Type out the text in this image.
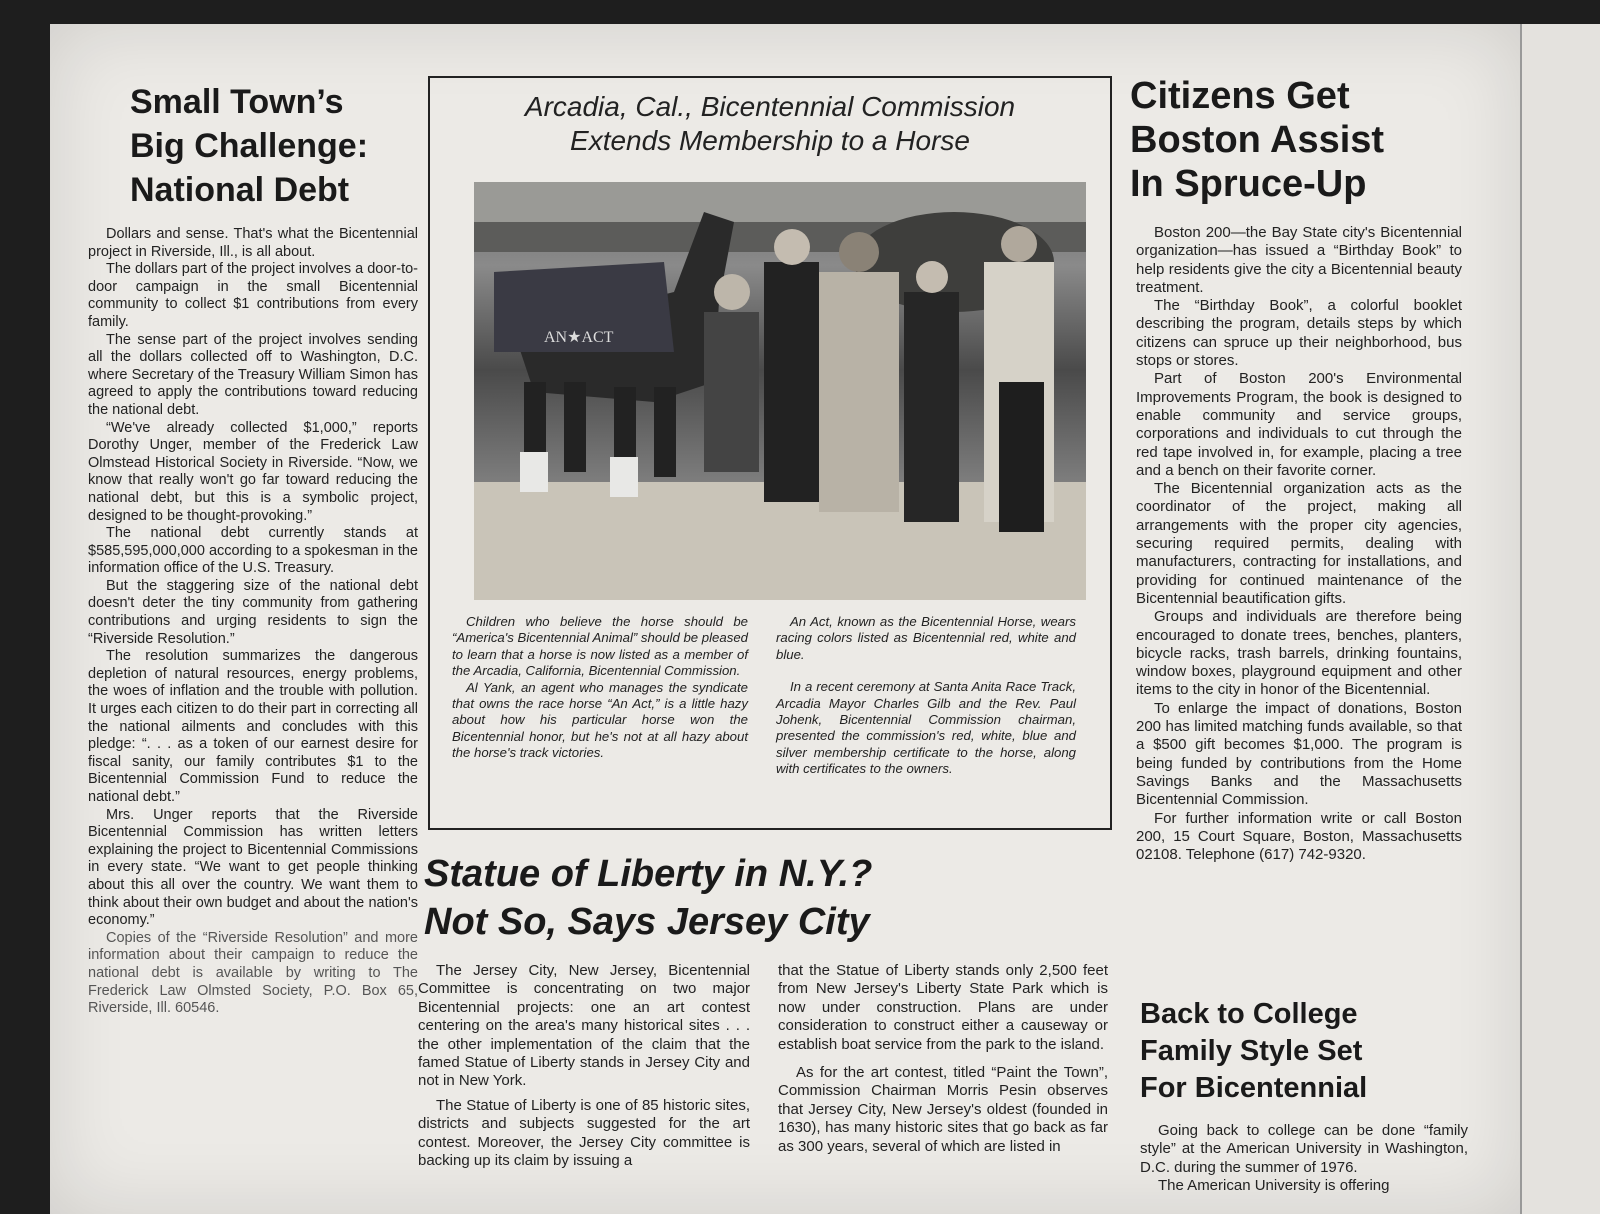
Small Town’s
Big Challenge:
National Debt

Dollars and sense. That's what the Bicentennial project in Riverside, Ill., is all about.

The dollars part of the project involves a door-to-door campaign in the small Bicentennial community to collect $1 contributions from every family.

The sense part of the project involves sending all the dollars collected off to Washington, D.C. where Secretary of the Treasury William Simon has agreed to apply the contributions toward reducing the national debt.

“We've already collected $1,000,” reports Dorothy Unger, member of the Frederick Law Olmstead Historical Society in Riverside. “Now, we know that really won't go far toward reducing the national debt, but this is a symbolic project, designed to be thought-provoking.”

The national debt currently stands at $585,595,000,000 according to a spokesman in the information office of the U.S. Treasury.

But the staggering size of the national debt doesn't deter the tiny community from gathering contributions and urging residents to sign the “Riverside Resolution.”

The resolution summarizes the dangerous depletion of natural resources, energy problems, the woes of inflation and the trouble with pollution. It urges each citizen to do their part in correcting all the national ailments and concludes with this pledge: “. . . as a token of our earnest desire for fiscal sanity, our family contributes $1 to the Bicentennial Commission Fund to reduce the national debt.”

Mrs. Unger reports that the Riverside Bicentennial Commission has written letters explaining the project to Bicentennial Commissions in every state. “We want to get people thinking about this all over the country. We want them to think about their own budget and about the nation's economy.”

Copies of the “Riverside Resolution” and more information about their campaign to reduce the national debt is available by writing to The Frederick Law Olmsted Society, P.O. Box 65, Riverside, Ill. 60546.

Arcadia, Cal., Bicentennial Commission
Extends Membership to a Horse
AN★ACT

Children who believe the horse should be “America's Bicentennial Animal” should be pleased to learn that a horse is now listed as a member of the Arcadia, California, Bicentennial Commission.

Al Yank, an agent who manages the syndicate that owns the race horse “An Act,” is a little hazy about how his particular horse won the Bicentennial honor, but he's not at all hazy about the horse's track victories.

An Act, known as the Bicentennial Horse, wears racing colors listed as Bicentennial red, white and blue.

In a recent ceremony at Santa Anita Race Track, Arcadia Mayor Charles Gilb and the Rev. Paul Johenk, Bicentennial Commission chairman, presented the commission's red, white, blue and silver membership certificate to the horse, along with certificates to the owners.

Statue of Liberty in N.Y.?
Not So, Says Jersey City

The Jersey City, New Jersey, Bicentennial Committee is concentrating on two major Bicentennial projects: one an art contest centering on the area's many historical sites . . . the other implementation of the claim that the famed Statue of Liberty stands in Jersey City and not in New York.

The Statue of Liberty is one of 85 historic sites, districts and subjects suggested for the art contest. Moreover, the Jersey City committee is backing up its claim by issuing a

that the Statue of Liberty stands only 2,500 feet from New Jersey's Liberty State Park which is now under construction. Plans are under consideration to construct either a causeway or establish boat service from the park to the island.

As for the art contest, titled “Paint the Town”, Commission Chairman Morris Pesin observes that Jersey City, New Jersey's oldest (founded in 1630), has many historic sites that go back as far as 300 years, several of which are listed in

Citizens Get
Boston Assist
In Spruce-Up

Boston 200—the Bay State city's Bicentennial organization—has issued a “Birthday Book” to help residents give the city a Bicentennial beauty treatment.

The “Birthday Book”, a colorful booklet describing the program, details steps by which citizens can spruce up their neighborhood, bus stops or stores.

Part of Boston 200's Environmental Improvements Program, the book is designed to enable community and service groups, corporations and individuals to cut through the red tape involved in, for example, placing a tree and a bench on their favorite corner.

The Bicentennial organization acts as the coordinator of the project, making all arrangements with the proper city agencies, securing required permits, dealing with manufacturers, contracting for installations, and providing for continued maintenance of the Bicentennial beautification gifts.

Groups and individuals are therefore being encouraged to donate trees, benches, planters, bicycle racks, trash barrels, drinking fountains, window boxes, playground equipment and other items to the city in honor of the Bicentennial.

To enlarge the impact of donations, Boston 200 has limited matching funds available, so that a $500 gift becomes $1,000. The program is being funded by contributions from the Home Savings Banks and the Massachusetts Bicentennial Commission.

For further information write or call Boston 200, 15 Court Square, Boston, Massachusetts 02108. Telephone (617) 742-9320.

Back to College
Family Style Set
For Bicentennial

Going back to college can be done “family style” at the American University in Washington, D.C. during the summer of 1976.

The American University is offering
